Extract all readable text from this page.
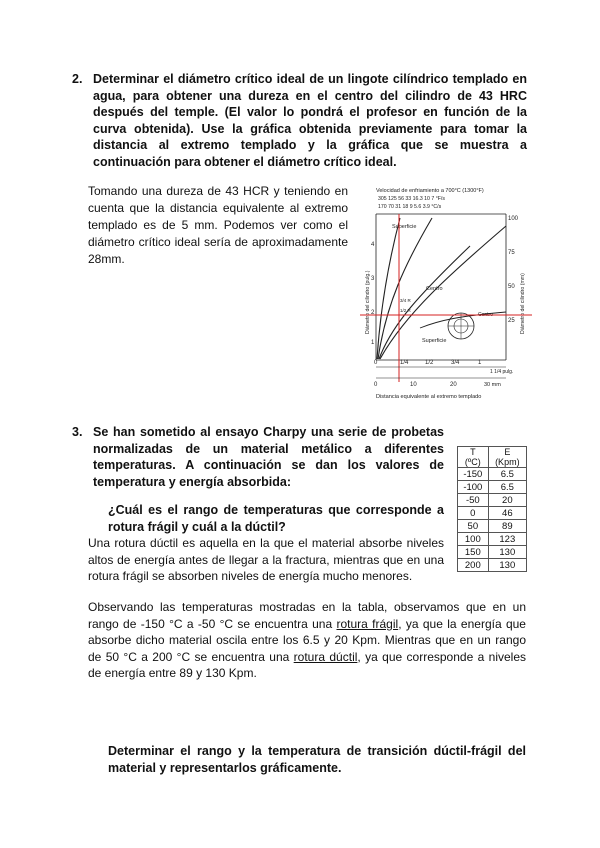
2. Determinar el diámetro crítico ideal de un lingote cilíndrico templado en agua, para obtener una dureza en el centro del cilindro de 43 HRC después del temple. (El valor lo pondrá el profesor en función de la curva obtenida). Use la gráfica obtenida previamente para tomar la distancia al extremo templado y la gráfica que se muestra a continuación para obtener el diámetro crítico ideal.
Tomando una dureza de 43 HCR y teniendo en cuenta que la distancia equivalente al extremo templado es de 5 mm. Podemos ver como el diámetro crítico ideal sería de aproximadamente 28mm.
Velocidad de enfriamiento a 700°C (1300°F)
305 125 56 33 16.3 10 7 °F/s
170 70 31 18 9 5.6 3.9 °C/s
Diámetro del cilindro (pulg.)	Diámetro del cilindro (mm)
4
3
2
1
100
75
50
25
Superficie
Centro
Superficie
Centro
3/4 R
1/2 R
0	1/4	1/2	3/4	1
1 1/4 pulg.
0	10	20	30 mm
Distancia equivalente al extremo templado
3. Se han sometido al ensayo Charpy una serie de probetas normalizadas de un material metálico a diferentes temperaturas. A continuación se dan los valores de temperatura y energía absorbida:
¿Cuál es el rango de temperaturas que corresponde a rotura frágil y cuál a la dúctil?
Una rotura dúctil es aquella en la que el material absorbe niveles altos de energía antes de llegar a la fractura, mientras que en una rotura frágil se absorben niveles de energía mucho menores.
T (ºC)	E (Kpm)
-150	6.5
-100	6.5
-50	20
0	46
50	89
100	123
150	130
200	130
Observando las temperaturas mostradas en la tabla, observamos que en un rango de -150 °C a -50 °C se encuentra una rotura frágil, ya que la energía que absorbe dicho material oscila entre los 6.5 y 20 Kpm. Mientras que en un rango de 50 °C a 200 °C se encuentra una rotura dúctil, ya que corresponde a niveles de energía entre 89 y 130 Kpm.
Determinar el rango y la temperatura de transición dúctil-frágil del material y representarlos gráficamente.
